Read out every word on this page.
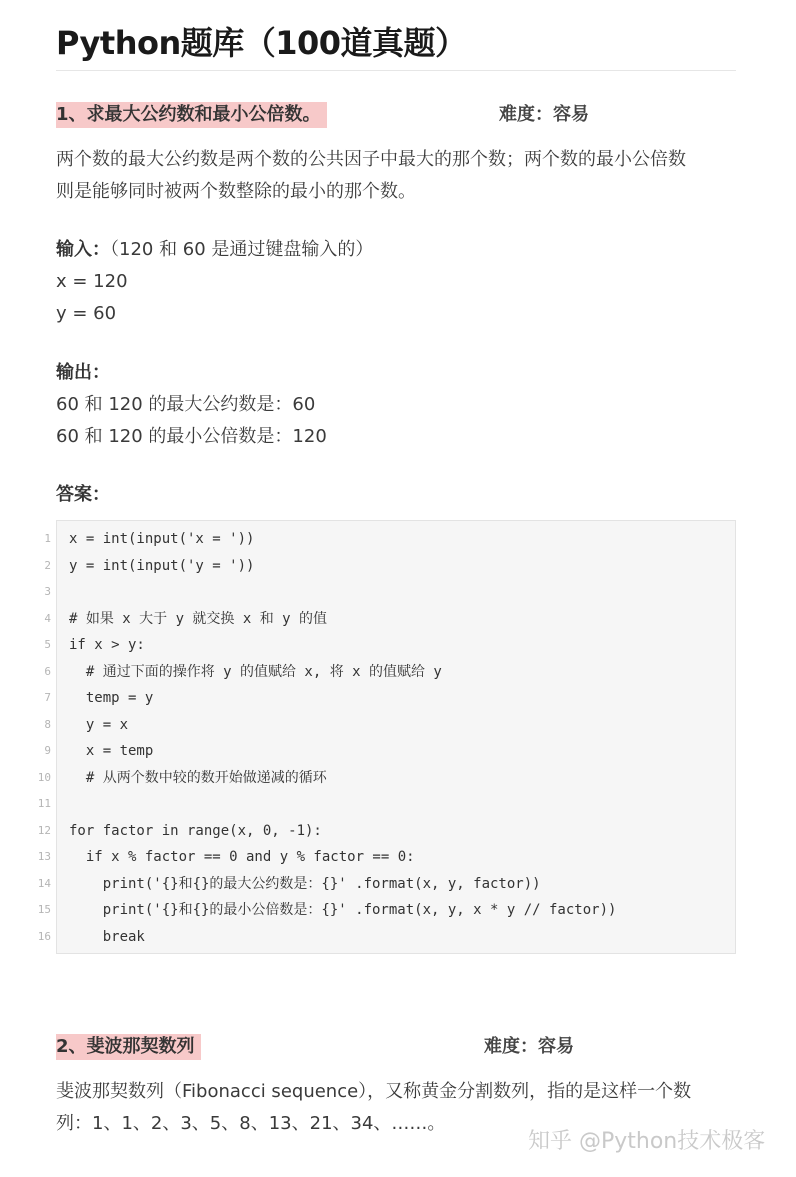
Python题库（100道真题）
1、求最大公约数和最小公倍数。	难度：容易
两个数的最大公约数是两个数的公共因子中最大的那个数；两个数的最小公倍数
则是能够同时被两个数整除的最小的那个数。
输入：（120 和 60 是通过键盘输入的）
x = 120
y = 60
输出：
60 和 120 的最大公约数是：60
60 和 120 的最小公倍数是：120
答案：
1 x = int(input('x = '))
2 y = int(input('y = '))
3
4 # 如果 x 大于 y 就交换 x 和 y 的值
5 if x > y:
6 # 通过下面的操作将 y 的值赋给 x, 将 x 的值赋给 y
7 temp = y
8 y = x
9 x = temp
10 # 从两个数中较的数开始做递减的循环
11
12 for factor in range(x, 0, -1):
13 if x % factor == 0 and y % factor == 0:
14 print('{}和{}的最大公约数是：{}' .format(x, y, factor))
15 print('{}和{}的最小公倍数是：{}' .format(x, y, x * y // factor))
16 break
2、斐波那契数列	难度：容易
斐波那契数列（Fibonacci sequence），又称黄金分割数列，指的是这样一个数
列：1、1、2、3、5、8、13、21、34、……。
知乎 @Python技术极客
